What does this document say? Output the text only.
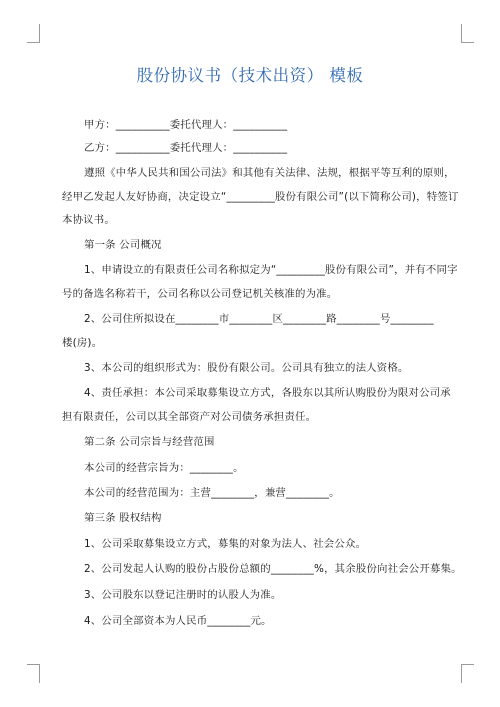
股份协议书（技术出资） 模板
甲方：__________委托代理人：__________
乙方：__________委托代理人：__________
遵照《中华人民共和国公司法》和其他有关法律、法规，根据平等互利的原则，
经甲乙发起人友好协商，决定设立“_________股份有限公司”(以下简称公司)，特签订
本协议书。
第一条 公司概况
1、申请设立的有限责任公司名称拟定为“_________股份有限公司”，并有不同字
号的备选名称若干，公司名称以公司登记机关核准的为准。
2、公司住所拟设在________市________区________路________号________
楼(房)。
3、本公司的组织形式为：股份有限公司。公司具有独立的法人资格。
4、责任承担：本公司采取募集设立方式，各股东以其所认购股份为限对公司承
担有限责任，公司以其全部资产对公司债务承担责任。
第二条 公司宗旨与经营范围
本公司的经营宗旨为：________。
本公司的经营范围为：主营________，兼营________。
第三条 股权结构
1、公司采取募集设立方式，募集的对象为法人、社会公众。
2、公司发起人认购的股份占股份总额的________%，其余股份向社会公开募集。
3、公司股东以登记注册时的认股人为准。
4、公司全部资本为人民币________元。
